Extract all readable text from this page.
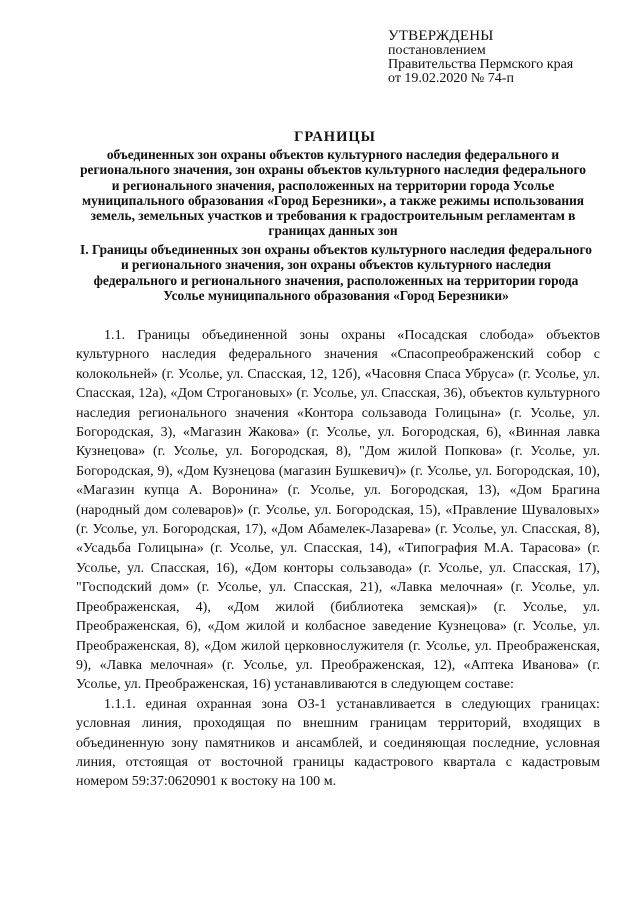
УТВЕРЖДЕНЫ
постановлением
Правительства Пермского края
от 19.02.2020 № 74-п
ГРАНИЦЫ
объединенных зон охраны объектов культурного наследия федерального и регионального значения, зон охраны объектов культурного наследия федерального и регионального значения, расположенных на территории города Усолье муниципального образования «Город Березники», а также режимы использования земель, земельных участков и требования к градостроительным регламентам в границах данных зон
I. Границы объединенных зон охраны объектов культурного наследия федерального и регионального значения, зон охраны объектов культурного наследия федерального и регионального значения, расположенных на территории города Усолье муниципального образования «Город Березники»

1.1. Границы объединенной зоны охраны «Посадская слобода» объектов культурного наследия федерального значения «Спасопреображенский собор с колокольней» (г. Усолье, ул. Спасская, 12, 12б), «Часовня Спаса Убруса» (г. Усолье, ул. Спасская, 12а), «Дом Строгановых» (г. Усолье, ул. Спасская, 36), объектов культурного наследия регионального значения «Контора сользавода Голицына» (г. Усолье, ул. Богородская, 3), «Магазин Жакова» (г. Усолье, ул. Богородская, 6), «Винная лавка Кузнецова» (г. Усолье, ул. Богородская, 8), "Дом жилой Попкова» (г. Усолье, ул. Богородская, 9), «Дом Кузнецова (магазин Бушкевич)» (г. Усолье, ул. Богородская, 10), «Магазин купца А. Воронина» (г. Усолье, ул. Богородская, 13), «Дом Брагина (народный дом солеваров)» (г. Усолье, ул. Богородская, 15), «Правление Шуваловых» (г. Усолье, ул. Богородская, 17), «Дом Абамелек-Лазарева» (г. Усолье, ул. Спасская, 8), «Усадьба Голицына» (г. Усолье, ул. Спасская, 14), «Типография М.А. Тарасова» (г. Усолье, ул. Спасская, 16), «Дом конторы сользавода» (г. Усолье, ул. Спасская, 17), "Господский дом» (г. Усолье, ул. Спасская, 21), «Лавка мелочная» (г. Усолье, ул. Преображенская, 4), «Дом жилой (библиотека земская)» (г. Усолье, ул. Преображенская, 6), «Дом жилой и колбасное заведение Кузнецова» (г. Усолье, ул. Преображенская, 8), «Дом жилой церковнослужителя (г. Усолье, ул. Преображенская, 9), «Лавка мелочная» (г. Усолье, ул. Преображенская, 12), «Аптека Иванова» (г. Усолье, ул. Преображенская, 16) устанавливаются в следующем составе:

1.1.1. единая охранная зона ОЗ-1 устанавливается в следующих границах: условная линия, проходящая по внешним границам территорий, входящих в объединенную зону памятников и ансамблей, и соединяющая последние, условная линия, отстоящая от восточной границы кадастрового квартала с кадастровым номером 59:37:0620901 к востоку на 100 м.
